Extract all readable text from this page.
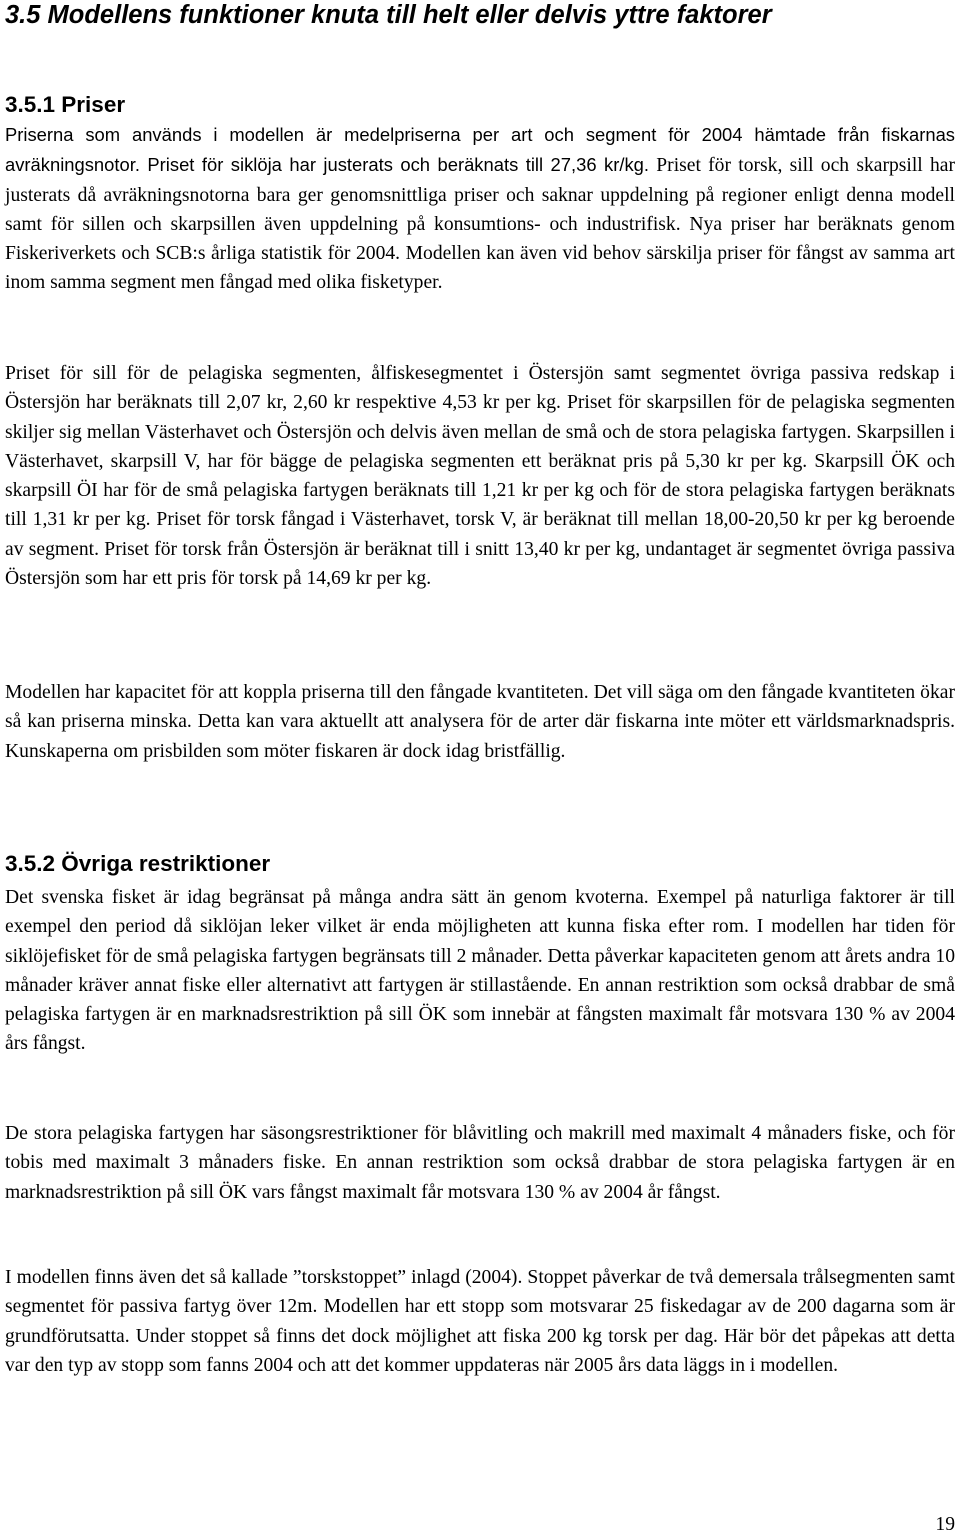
3.5 Modellens funktioner knuta till helt eller delvis yttre faktorer
3.5.1 Priser

Priserna som används i modellen är medelpriserna per art och segment för 2004 hämtade från fiskarnas avräkningsnotor. Priset för siklöja har justerats och beräknats till 27,36 kr/kg. Priset för torsk, sill och skarpsill har justerats då avräkningsnotorna bara ger genomsnittliga priser och saknar uppdelning på regioner enligt denna modell samt för sillen och skarpsillen även uppdelning på konsumtions- och industrifisk. Nya priser har beräknats genom Fiskeriverkets och SCB:s årliga statistik för 2004. Modellen kan även vid behov särskilja priser för fångst av samma art inom samma segment men fångad med olika fisketyper.

Priset för sill för de pelagiska segmenten, ålfiskesegmentet i Östersjön samt segmentet övriga passiva redskap i Östersjön har beräknats till 2,07 kr, 2,60 kr respektive 4,53 kr per kg. Priset för skarpsillen för de pelagiska segmenten skiljer sig mellan Västerhavet och Östersjön och delvis även mellan de små och de stora pelagiska fartygen. Skarpsillen i Västerhavet, skarpsill V, har för bägge de pelagiska segmenten ett beräknat pris på 5,30 kr per kg. Skarpsill ÖK och skarpsill ÖI har för de små pelagiska fartygen beräknats till 1,21 kr per kg och för de stora pelagiska fartygen beräknats till 1,31 kr per kg. Priset för torsk fångad i Västerhavet, torsk V, är beräknat till mellan 18,00-20,50 kr per kg beroende av segment. Priset för torsk från Östersjön är beräknat till i snitt 13,40 kr per kg, undantaget är segmentet övriga passiva Östersjön som har ett pris för torsk på 14,69 kr per kg.

Modellen har kapacitet för att koppla priserna till den fångade kvantiteten. Det vill säga om den fångade kvantiteten ökar så kan priserna minska. Detta kan vara aktuellt att analysera för de arter där fiskarna inte möter ett världsmarknadspris. Kunskaperna om prisbilden som möter fiskaren är dock idag bristfällig.

3.5.2 Övriga restriktioner

Det svenska fisket är idag begränsat på många andra sätt än genom kvoterna. Exempel på naturliga faktorer är till exempel den period då siklöjan leker vilket är enda möjligheten att kunna fiska efter rom. I modellen har tiden för siklöjefisket för de små pelagiska fartygen begränsats till 2 månader. Detta påverkar kapaciteten genom att årets andra 10 månader kräver annat fiske eller alternativt att fartygen är stillastående. En annan restriktion som också drabbar de små pelagiska fartygen är en marknadsrestriktion på sill ÖK som innebär at fångsten maximalt får motsvara 130 % av 2004 års fångst.

De stora pelagiska fartygen har säsongsrestriktioner för blåvitling och makrill med maximalt 4 månaders fiske, och för tobis med maximalt 3 månaders fiske. En annan restriktion som också drabbar de stora pelagiska fartygen är en marknadsrestriktion på sill ÖK vars fångst maximalt får motsvara 130 % av 2004 år fångst.

I modellen finns även det så kallade ”torskstoppet” inlagd (2004). Stoppet påverkar de två demersala trålsegmenten samt segmentet för passiva fartyg över 12m. Modellen har ett stopp som motsvarar 25 fiskedagar av de 200 dagarna som är grundförutsatta. Under stoppet så finns det dock möjlighet att fiska 200 kg torsk per dag. Här bör det påpekas att detta var den typ av stopp som fanns 2004 och att det kommer uppdateras när 2005 års data läggs in i modellen.

19
